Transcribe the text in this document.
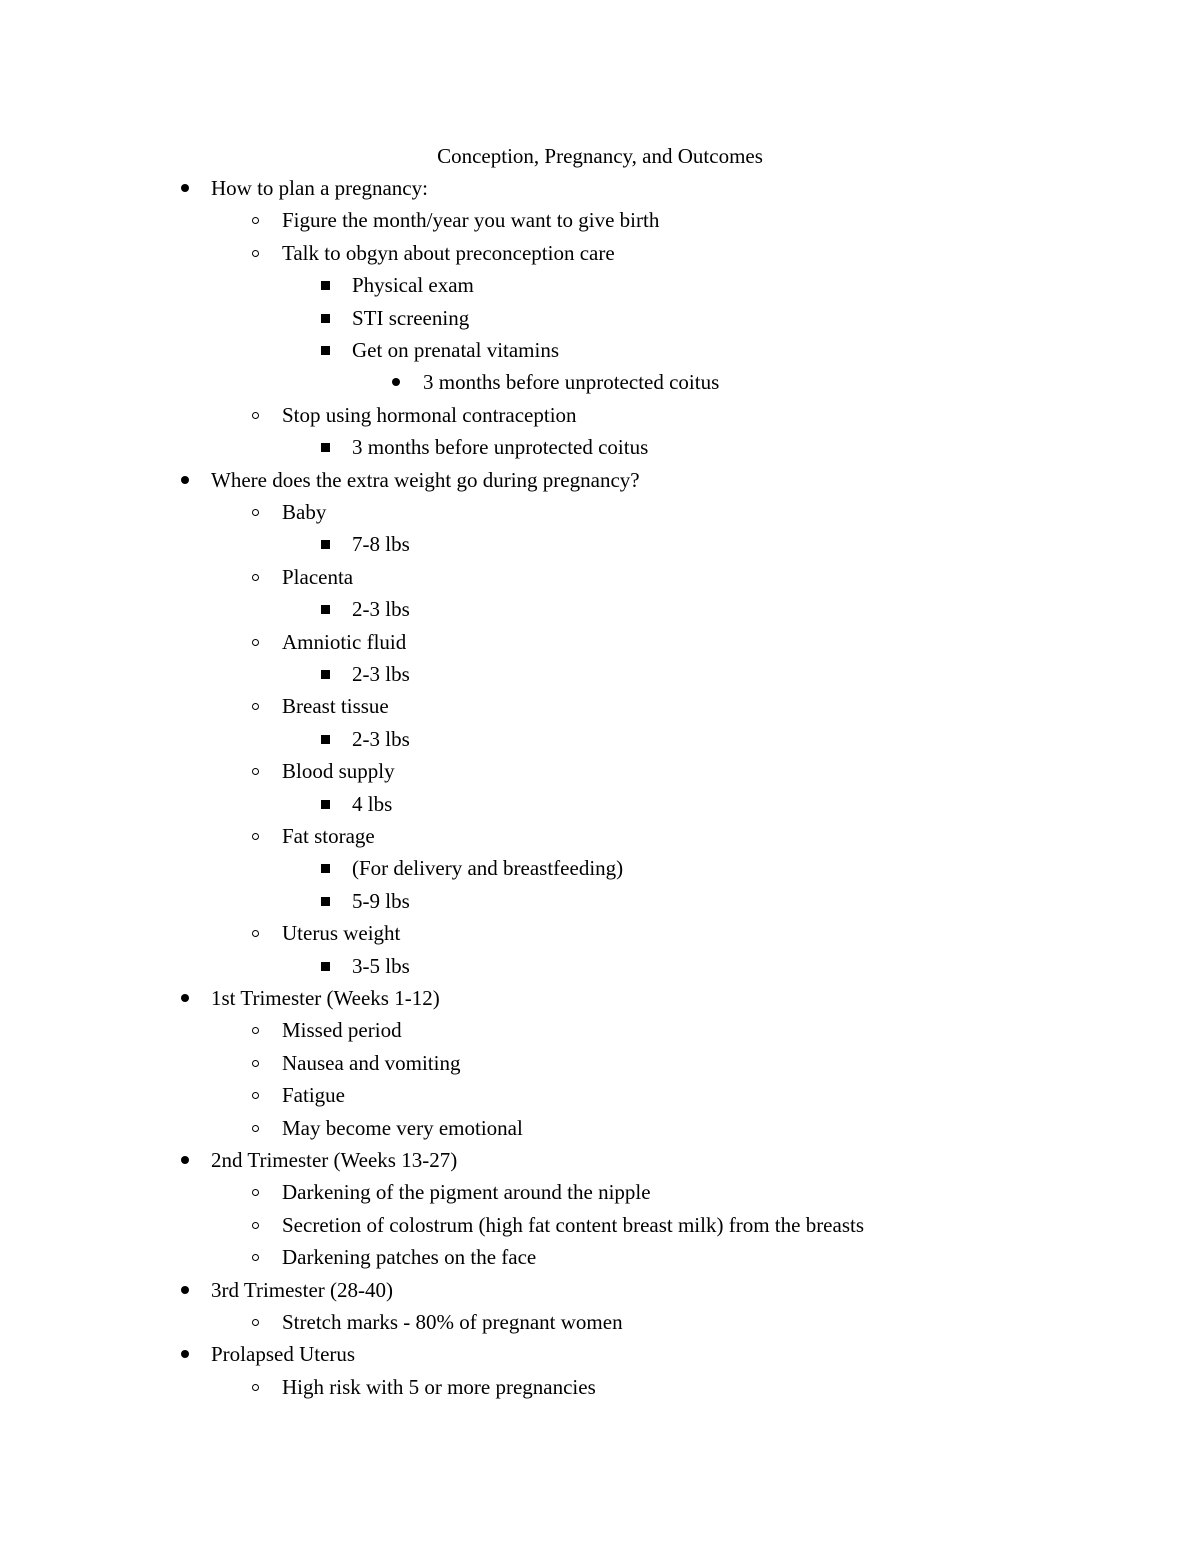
Conception, Pregnancy, and Outcomes
How to plan a pregnancy:
Figure the month/year you want to give birth
Talk to obgyn about preconception care
Physical exam
STI screening
Get on prenatal vitamins
3 months before unprotected coitus
Stop using hormonal contraception
3 months before unprotected coitus
Where does the extra weight go during pregnancy?
Baby
7-8 lbs
Placenta
2-3 lbs
Amniotic fluid
2-3 lbs
Breast tissue
2-3 lbs
Blood supply
4 lbs
Fat storage
(For delivery and breastfeeding)
5-9 lbs
Uterus weight
3-5 lbs
1st Trimester (Weeks 1-12)
Missed period
Nausea and vomiting
Fatigue
May become very emotional
2nd Trimester (Weeks 13-27)
Darkening of the pigment around the nipple
Secretion of colostrum (high fat content breast milk) from the breasts
Darkening patches on the face
3rd Trimester (28-40)
Stretch marks - 80% of pregnant women
Prolapsed Uterus
High risk with 5 or more pregnancies
